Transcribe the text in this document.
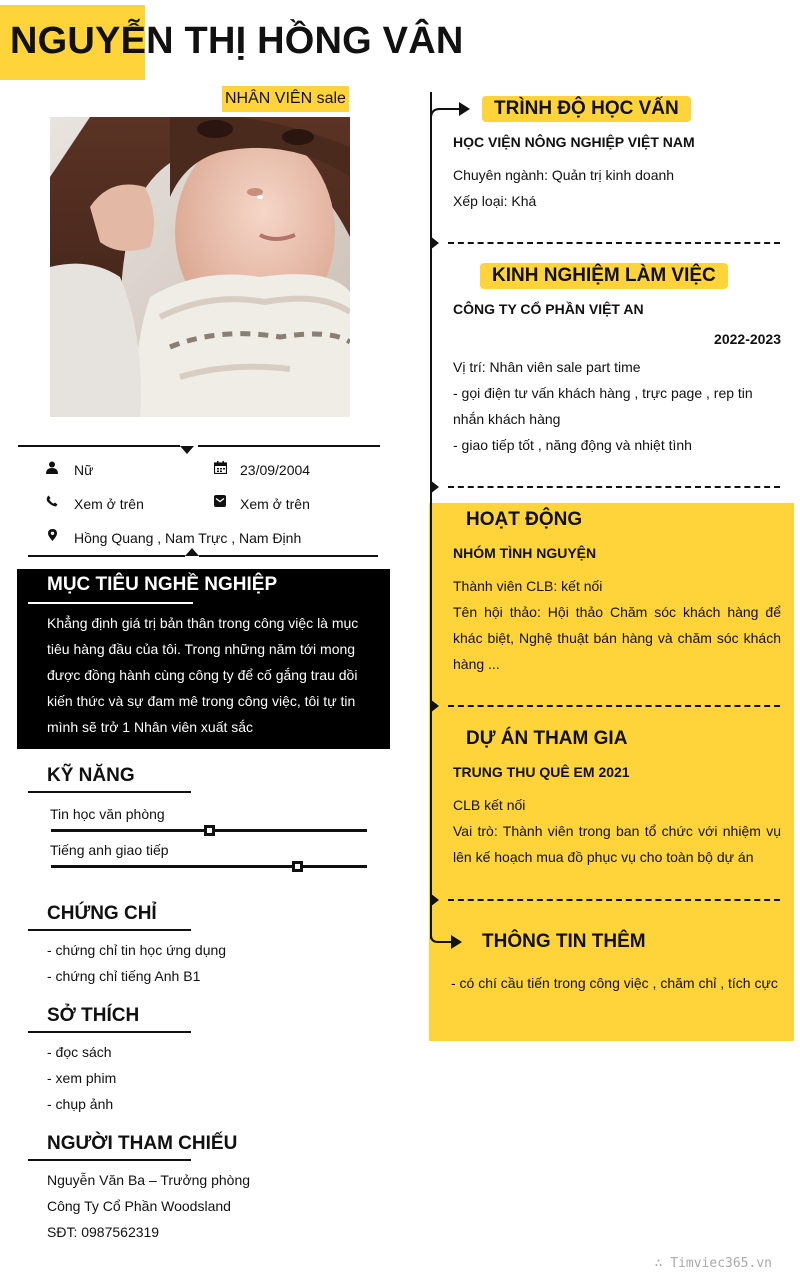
NGUYỄN THỊ HỒNG VÂN
NHÂN VIÊN sale
Nữ	23/09/2004
Xem ở trên	Xem ở trên
Hồng Quang , Nam Trực , Nam Định
MỤC TIÊU NGHỀ NGHIỆP
Khẳng định giá trị bản thân trong công việc là mục tiêu hàng đầu của tôi. Trong những năm tới mong được đồng hành cùng công ty để cố gắng trau dồi kiến thức và sự đam mê trong công việc, tôi tự tin mình sẽ trở 1 Nhân viên xuất sắc
KỸ NĂNG
Tin học văn phòng
Tiếng anh giao tiếp
CHỨNG CHỈ
- chứng chỉ tin học ứng dụng
- chứng chỉ tiếng Anh B1
SỞ THÍCH
- đọc sách
- xem phim
- chụp ảnh
NGƯỜI THAM CHIẾU
Nguyễn Văn Ba – Trưởng phòng
Công Ty Cổ Phần Woodsland
SĐT: 0987562319
TRÌNH ĐỘ HỌC VẤN
HỌC VIỆN NÔNG NGHIỆP VIỆT NAM
Chuyên ngành: Quản trị kinh doanh
Xếp loại: Khá
KINH NGHIỆM LÀM VIỆC
CÔNG TY CỔ PHẦN VIỆT AN
2022-2023
Vị trí: Nhân viên sale part time
- gọi điện tư vấn khách hàng , trực page , rep tin nhắn khách hàng
- giao tiếp tốt , năng động và nhiệt tình
HOẠT ĐỘNG
NHÓM TÌNH NGUYỆN
Thành viên CLB: kết nối
Tên hội thảo: Hội thảo Chăm sóc khách hàng để khác biệt, Nghệ thuật bán hàng và chăm sóc khách hàng ...
DỰ ÁN THAM GIA
TRUNG THU QUÊ EM 2021
CLB kết nối
Vai trò: Thành viên trong ban tổ chức với nhiệm vụ lên kế hoạch mua đồ phục vụ cho toàn bộ dự án
THÔNG TIN THÊM
- có chí cầu tiến trong công việc , chăm chỉ , tích cực
∴ Timviec365.vn
